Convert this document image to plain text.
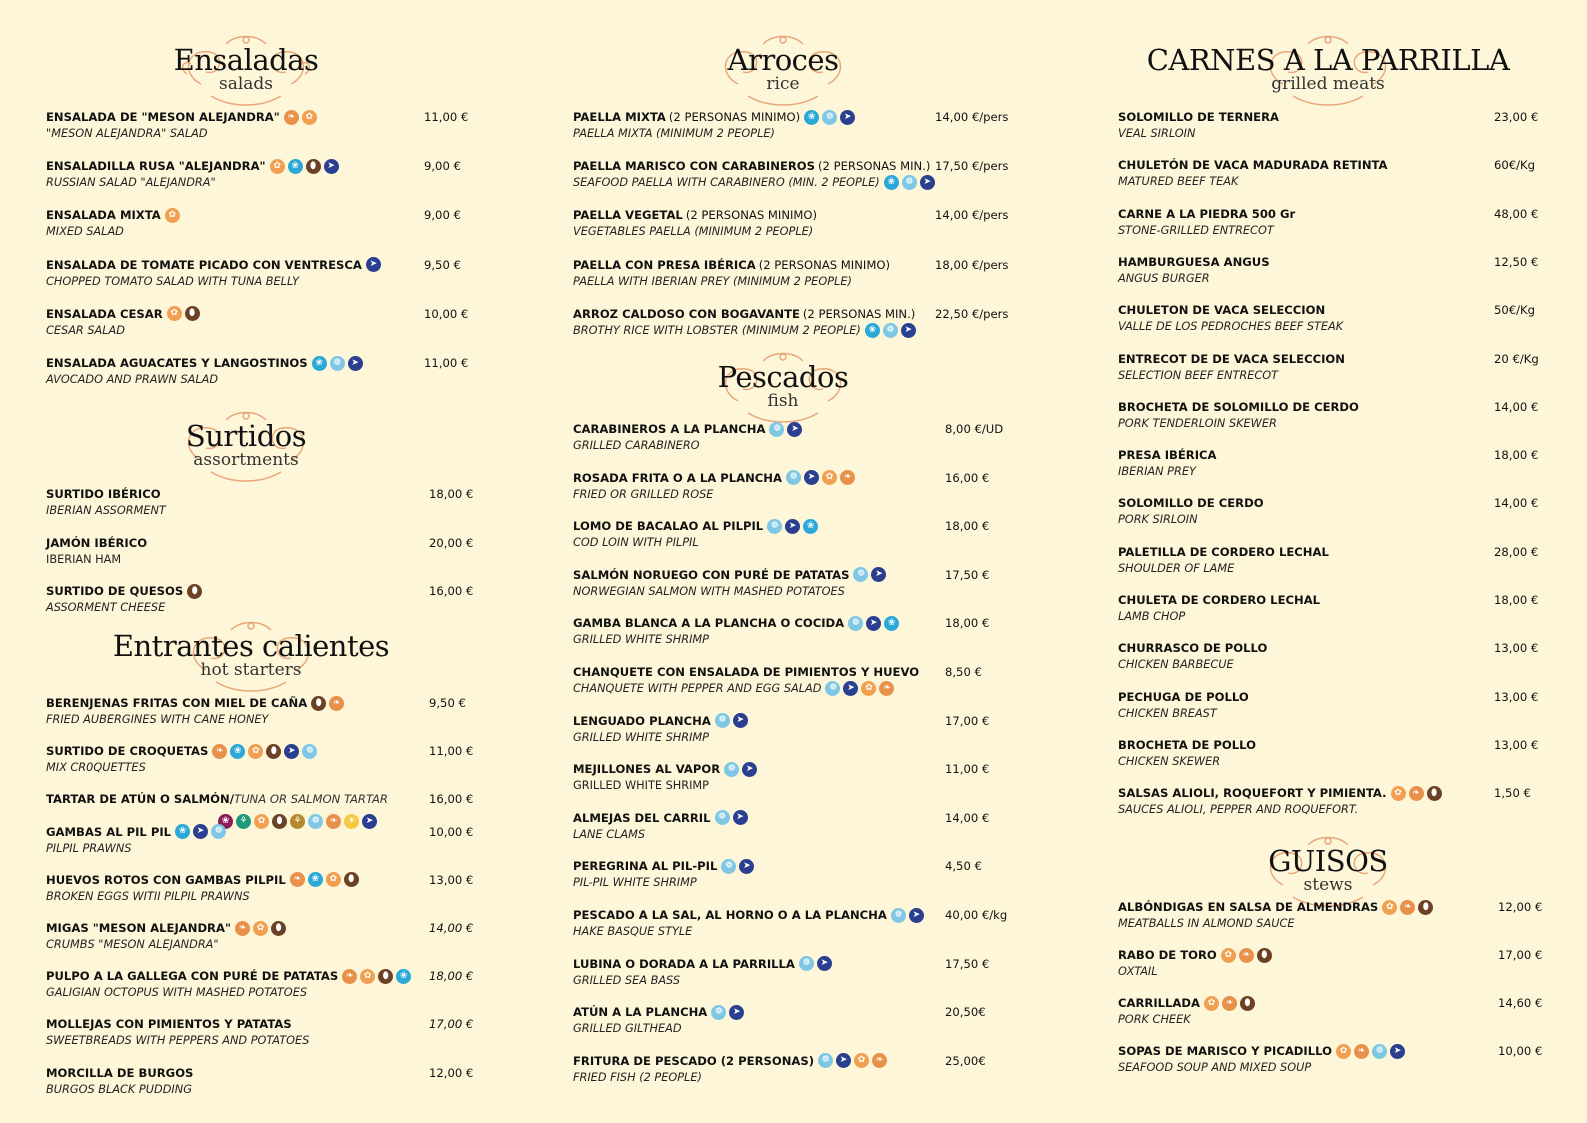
Ensaladas
salads
Surtidos
assortments
Entrantes calientes
hot starters
ENSALADA DE "MESON ALEJANDRA" ❧	✿
"MESON ALEJANDRA" SALAD
11,00 €
ENSALADILLA RUSA "ALEJANDRA" ✿	❀	⬮	➤
RUSSIAN SALAD "ALEJANDRA"
9,00 €
ENSALADA MIXTA ✿
MIXED SALAD
9,00 €
ENSALADA DE TOMATE PICADO CON VENTRESCA ➤
CHOPPED TOMATO SALAD WITH TUNA BELLY
9,50 €
ENSALADA CESAR ✿	⬮
CESAR SALAD
10,00 €
ENSALADA AGUACATES Y LANGOSTINOS ❀	❁	➤
AVOCADO AND PRAWN SALAD
11,00 €
SURTIDO IBÉRICO
IBERIAN ASSORMENT
18,00 €
JAMÓN IBÉRICO
IBERIAN HAM
20,00 €
SURTIDO DE QUESOS ⬮
ASSORMENT CHEESE
16,00 €
BERENJENAS FRITAS CON MIEL DE CAÑA ⬮	❧
FRIED AUBERGINES WITH CANE HONEY
9,50 €
SURTIDO DE CROQUETAS ❧	❀	✿	⬮	➤	❁
MIX CR0QUETTES
11,00 €
TARTAR DE ATÚN O SALMÓN/ TUNA OR SALMON TARTAR
❀	⚘	✿	⬮	⚘	❁	❧	☀	➤
16,00 €
GAMBAS AL PIL PIL ❀	➤	❁
PILPIL PRAWNS
10,00 €
HUEVOS ROTOS CON GAMBAS PILPIL ❧	❀	✿	⬮
BROKEN EGGS WITII PILPIL PRAWNS
13,00 €
MIGAS "MESON ALEJANDRA" ❧	✿	⬮
CRUMBS "MESON ALEJANDRA"
14,00 €
PULPO A LA GALLEGA CON PURÉ DE PATATAS ❧	✿	⬮	❀
GALIGIAN OCTOPUS WITH MASHED POTATOES
18,00 €
MOLLEJAS CON PIMIENTOS Y PATATAS
SWEETBREADS WITH PEPPERS AND POTATOES
17,00 €
MORCILLA DE BURGOS
BURGOS BLACK PUDDING
12,00 €
Arroces
rice
Pescados
fish
PAELLA MIXTA (2 PERSONAS MINIMO) ❀	❁	➤
PAELLA MIXTA (MINIMUM 2 PEOPLE)
14,00 €/pers
PAELLA MARISCO CON CARABINEROS (2 PERSONAS MIN.)
SEAFOOD PAELLA WITH CARABINERO (MIN. 2 PEOPLE) ❀	❁	➤
17,50 €/pers
PAELLA VEGETAL (2 PERSONAS MINIMO)
VEGETABLES PAELLA (MINIMUM 2 PEOPLE)
14,00 €/pers
PAELLA CON PRESA IBÉRICA (2 PERSONAS MINIMO)
PAELLA WITH IBERIAN PREY (MINIMUM 2 PEOPLE)
18,00 €/pers
ARROZ CALDOSO CON BOGAVANTE (2 PERSONAS MIN.)
BROTHY RICE WITH LOBSTER (MINIMUM 2 PEOPLE) ❀	❁	➤
22,50 €/pers
CARABINEROS A LA PLANCHA ❁	➤
GRILLED CARABINERO
8,00 €/UD
ROSADA FRITA O A LA PLANCHA ❁	➤	✿	❧
FRIED OR GRILLED ROSE
16,00 €
LOMO DE BACALAO AL PILPIL ❁	➤	❀
COD LOIN WITH PILPIL
18,00 €
SALMÓN NORUEGO CON PURÉ DE PATATAS ❁	➤
NORWEGIAN SALMON WITH MASHED POTATOES
17,50 €
GAMBA BLANCA A LA PLANCHA O COCIDA ❁	➤	❀
GRILLED WHITE SHRIMP
18,00 €
CHANQUETE CON ENSALADA DE PIMIENTOS Y HUEVO
CHANQUETE WITH PEPPER AND EGG SALAD ❁	➤	✿	❧
8,50 €
LENGUADO PLANCHA ❁	➤
GRILLED WHITE SHRIMP
17,00 €
MEJILLONES AL VAPOR ❁	➤
GRILLED WHITE SHRIMP
11,00 €
ALMEJAS DEL CARRIL ❁	➤
LANE CLAMS
14,00 €
PEREGRINA AL PIL-PIL ❁	➤
PIL-PIL WHITE SHRIMP
4,50 €
PESCADO A LA SAL, AL HORNO O A LA PLANCHA ❁	➤
HAKE BASQUE STYLE
40,00 €/kg
LUBINA O DORADA A LA PARRILLA ❁	➤
GRILLED SEA BASS
17,50 €
ATÚN A LA PLANCHA ❁	➤
GRILLED GILTHEAD
20,50€
FRITURA DE PESCADO (2 PERSONAS) ❁	➤	✿	❧
FRIED FISH (2 PEOPLE)
25,00€
CARNES A LA PARRILLA
grilled meats
GUISOS
stews
SOLOMILLO DE TERNERA
VEAL SIRLOIN
23,00 €
CHULETÓN DE VACA MADURADA RETINTA
MATURED BEEF TEAK
60€/Kg
CARNE A LA PIEDRA 500 Gr
STONE-GRILLED ENTRECOT
48,00 €
HAMBURGUESA ANGUS
ANGUS BURGER
12,50 €
CHULETON DE VACA SELECCION
VALLE DE LOS PEDROCHES BEEF STEAK
50€/Kg
ENTRECOT DE DE VACA SELECCION
SELECTION BEEF ENTRECOT
20 €/Kg
BROCHETA DE SOLOMILLO DE CERDO
PORK TENDERLOIN SKEWER
14,00 €
PRESA IBÉRICA
IBERIAN PREY
18,00 €
SOLOMILLO DE CERDO
PORK SIRLOIN
14,00 €
PALETILLA DE CORDERO LECHAL
SHOULDER OF LAME
28,00 €
CHULETA DE CORDERO LECHAL
LAMB CHOP
18,00 €
CHURRASCO DE POLLO
CHICKEN BARBECUE
13,00 €
PECHUGA DE POLLO
CHICKEN BREAST
13,00 €
BROCHETA DE POLLO
CHICKEN SKEWER
13,00 €
SALSAS ALIOLI, ROQUEFORT Y PIMIENTA. ✿	❧	⬮
SAUCES ALIOLI, PEPPER AND ROQUEFORT.
1,50 €
ALBÓNDIGAS EN SALSA DE ALMENDRAS ✿	❧	⬮
MEATBALLS IN ALMOND SAUCE
12,00 €
RABO DE TORO ✿	❧	⬮
OXTAIL
17,00 €
CARRILLADA ✿	❧	⬮
PORK CHEEK
14,60 €
SOPAS DE MARISCO Y PICADILLO ✿	❧	❁	➤
SEAFOOD SOUP AND MIXED SOUP
10,00 €
